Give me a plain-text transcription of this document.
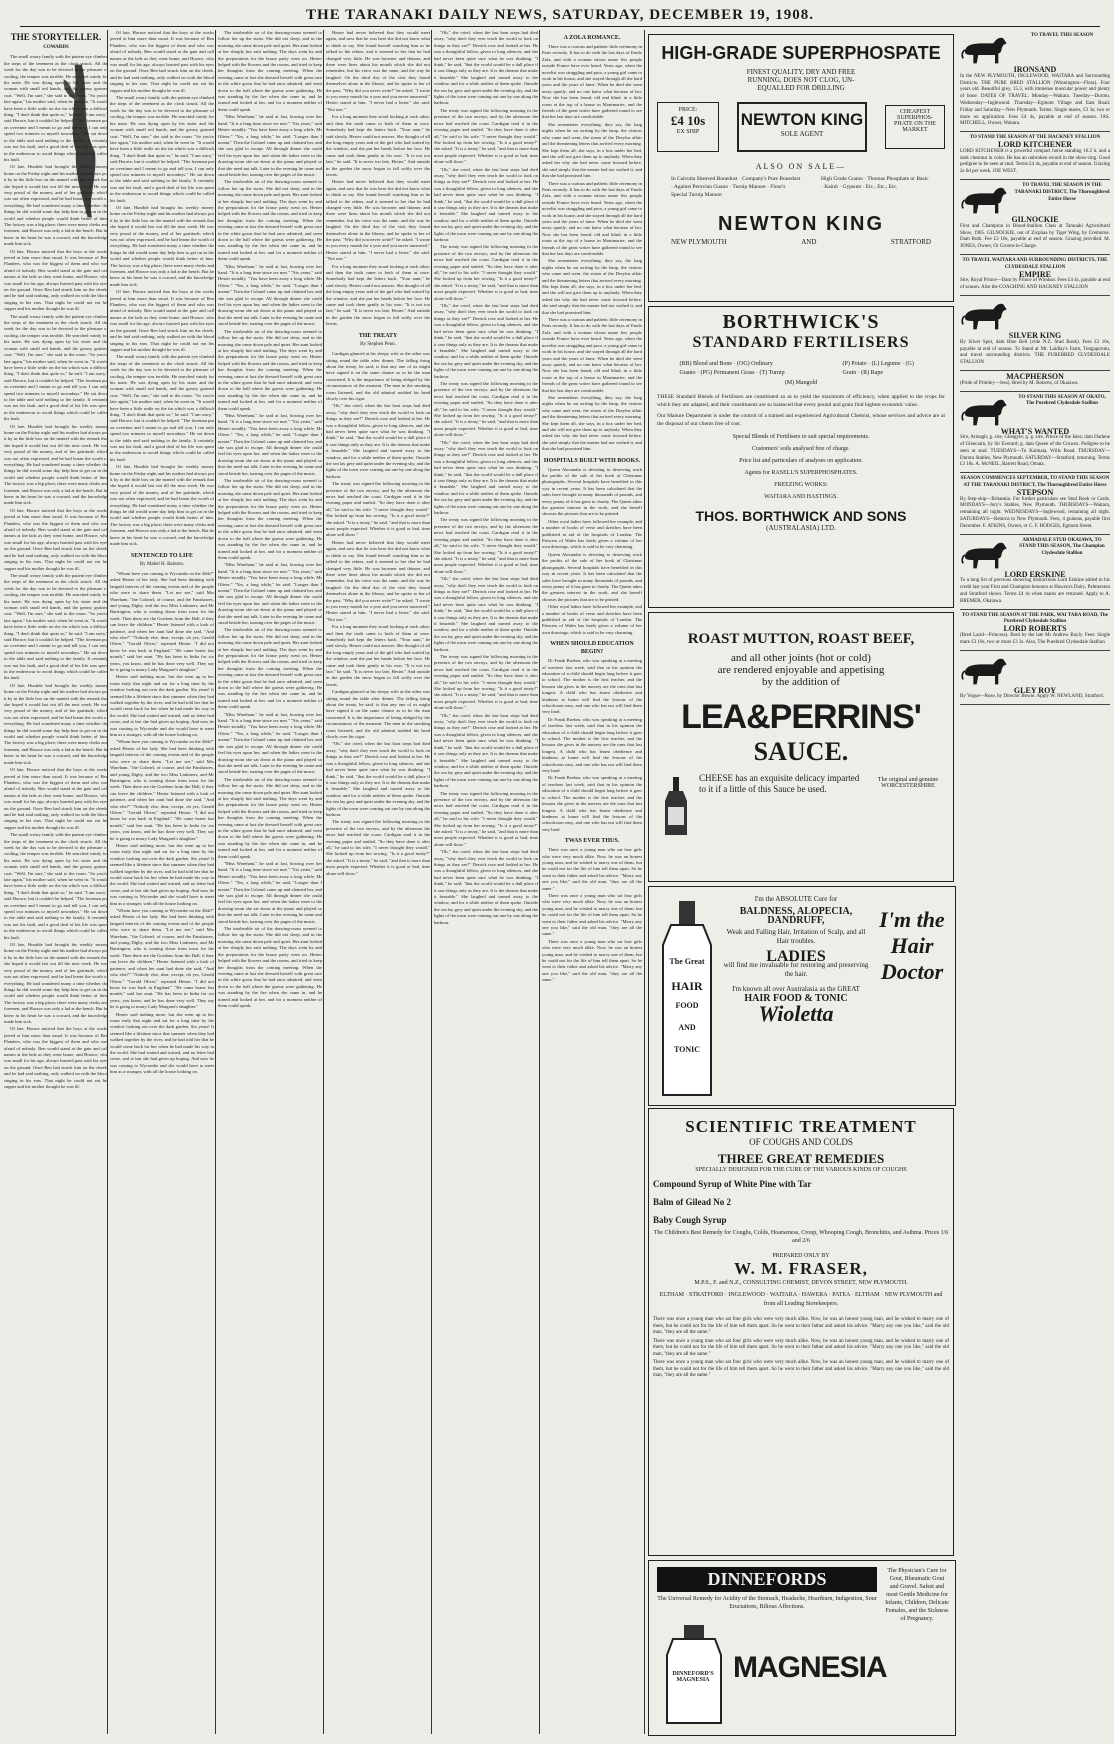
THE TARANAKI DAILY NEWS, SATURDAY, DECEMBER 19, 1908.
THE STORYTELLER.
COWARDS

The small weary family with the patient eye climbed the steps of the tenement as the clock struck. All the week for the day was to be devoted to the pleasure of cooling, the temper was terrible. He searched vainly for his mate. He was dying open by his sister and the woman with small red hands, and the greasy grained coat. "Well, I'm sure," she said to the room. "So you're late again," his mother said, when he went in. "It would have been a little settle on the tin which was a difficult thing. "I don't think that quite so," he said. "I am sorry," said Horace, but it couldn't be helped. "The foreman put on overtime and I meant to go and tell you, I can only spend two minutes to myself nowadays." He sat down to the table and said nothing to the family. It certainly was not his fault, and a good deal of his life was spent in the endeavour to avoid things which could be called his fault.

Of late, Hurable had brought his weekly money home on the Friday night and his mother had always put it by in the little box on the mantel with the remark that she hoped it would last out till the next week. He was very proud of the money, and of her gratitude, which was not often expressed, and he had learnt the worth of everything. He had wondered many a time whether the things he did would some day help him to get on in the world and whether people would think better of him. The factory was a big place; there were many clerks and foremen, and Horace was only a lad at the bench. But he knew in his heart he was a coward, and the knowledge made him sick.

Of late, Horace noticed that the boys at the works jeered at him more than usual. It was because of Ben Flanders, who was the biggest of them and who was afraid of nobody. Ben would stand at the gate and call names at the lads as they went home, and Horace, who was small for his age, always hurried past with his eyes on the ground. Once Ben had struck him on the cheek, and he had said nothing, only walked on with the blood singing in his ears. That night he could not eat his supper and his mother thought he was ill.

The small weary family with the patient eye climbed the steps of the tenement as the clock struck. All the week for the day was to be devoted to the pleasure of cooling, the temper was terrible. He searched vainly for his mate. He was dying open by his sister and the woman with small red hands, and the greasy grained coat. "Well, I'm sure," she said to the room. "So you're late again," his mother said, when he went in. "It would have been a little settle on the tin which was a difficult thing. "I don't think that quite so," he said. "I am sorry," said Horace, but it couldn't be helped. "The foreman put on overtime and I meant to go and tell you, I can only spend two minutes to myself nowadays." He sat down to the table and said nothing to the family. It certainly was not his fault, and a good deal of his life was spent in the endeavour to avoid things which could be called his fault.

Of late, Hurable had brought his weekly money home on the Friday night and his mother had always put it by in the little box on the mantel with the remark that she hoped it would last out till the next week. He was very proud of the money, and of her gratitude, which was not often expressed, and he had learnt the worth of everything. He had wondered many a time whether the things he did would some day help him to get on in the world and whether people would think better of him. The factory was a big place; there were many clerks and foremen, and Horace was only a lad at the bench. But he knew in his heart he was a coward, and the knowledge made him sick.

Of late, Horace noticed that the boys at the works jeered at him more than usual. It was because of Ben Flanders, who was the biggest of them and who was afraid of nobody. Ben would stand at the gate and call names at the lads as they went home, and Horace, who was small for his age, always hurried past with his eyes on the ground. Once Ben had struck him on the cheek, and he had said nothing, only walked on with the blood singing in his ears. That night he could not eat his supper and his mother thought he was ill.

The small weary family with the patient eye climbed the steps of the tenement as the clock struck. All the week for the day was to be devoted to the pleasure of cooling, the temper was terrible. He searched vainly for his mate. He was dying open by his sister and the woman with small red hands, and the greasy grained coat. "Well, I'm sure," she said to the room. "So you're late again," his mother said, when he went in. "It would have been a little settle on the tin which was a difficult thing. "I don't think that quite so," he said. "I am sorry," said Horace, but it couldn't be helped. "The foreman put on overtime and I meant to go and tell you, I can only spend two minutes to myself nowadays." He sat down to the table and said nothing to the family. It certainly was not his fault, and a good deal of his life was spent in the endeavour to avoid things which could be called his fault.

Of late, Hurable had brought his weekly money home on the Friday night and his mother had always put it by in the little box on the mantel with the remark that she hoped it would last out till the next week. He was very proud of the money, and of her gratitude, which was not often expressed, and he had learnt the worth of everything. He had wondered many a time whether the things he did would some day help him to get on in the world and whether people would think better of him. The factory was a big place; there were many clerks and foremen, and Horace was only a lad at the bench. But he knew in his heart he was a coward, and the knowledge made him sick.

Of late, Horace noticed that the boys at the works jeered at him more than usual. It was because of Ben Flanders, who was the biggest of them and who was afraid of nobody. Ben would stand at the gate and call names at the lads as they went home, and Horace, who was small for his age, always hurried past with his eyes on the ground. Once Ben had struck him on the cheek, and he had said nothing, only walked on with the blood singing in his ears. That night he could not eat his supper and his mother thought he was ill.

The small weary family with the patient eye climbed the steps of the tenement as the clock struck. All the week for the day was to be devoted to the pleasure of cooling, the temper was terrible. He searched vainly for his mate. He was dying open by his sister and the woman with small red hands, and the greasy grained coat. "Well, I'm sure," she said to the room. "So you're late again," his mother said, when he went in. "It would have been a little settle on the tin which was a difficult thing. "I don't think that quite so," he said. "I am sorry," said Horace, but it couldn't be helped. "The foreman put on overtime and I meant to go and tell you, I can only spend two minutes to myself nowadays." He sat down to the table and said nothing to the family. It certainly was not his fault, and a good deal of his life was spent in the endeavour to avoid things which could be called his fault.

Of late, Hurable had brought his weekly money home on the Friday night and his mother had always put it by in the little box on the mantel with the remark that she hoped it would last out till the next week. He was very proud of the money, and of her gratitude, which was not often expressed, and he had learnt the worth of everything. He had wondered many a time whether the things he did would some day help him to get on in the world and whether people would think better of him. The factory was a big place; there were many clerks and foremen, and Horace was only a lad at the bench. But he knew in his heart he was a coward, and the knowledge made him sick.

Of late, Horace noticed that the boys at the works jeered at him more than usual. It was because of Ben Flanders, who was the biggest of them and who was afraid of nobody. Ben would stand at the gate and call names at the lads as they went home, and Horace, who was small for his age, always hurried past with his eyes on the ground. Once Ben had struck him on the cheek, and he had said nothing, only walked on with the blood singing in his ears. That night he could not eat his supper and his mother thought he was ill.

Of late, Horace noticed that the boys at the works jeered at him more than usual. It was because of Ben Flanders, who was the biggest of them and who was afraid of nobody. Ben would stand at the gate and call names at the lads as they went home, and Horace, who was small for his age, always hurried past with his eyes on the ground. Once Ben had struck him on the cheek, and he had said nothing, only walked on with the blood singing in his ears. That night he could not eat his supper and his mother thought he was ill.

The small weary family with the patient eye climbed the steps of the tenement as the clock struck. All the week for the day was to be devoted to the pleasure of cooling, the temper was terrible. He searched vainly for his mate. He was dying open by his sister and the woman with small red hands, and the greasy grained coat. "Well, I'm sure," she said to the room. "So you're late again," his mother said, when he went in. "It would have been a little settle on the tin which was a difficult thing. "I don't think that quite so," he said. "I am sorry," said Horace, but it couldn't be helped. "The foreman put on overtime and I meant to go and tell you, I can only spend two minutes to myself nowadays." He sat down to the table and said nothing to the family. It certainly was not his fault, and a good deal of his life was spent in the endeavour to avoid things which could be called his fault.

Of late, Hurable had brought his weekly money home on the Friday night and his mother had always put it by in the little box on the mantel with the remark that she hoped it would last out till the next week. He was very proud of the money, and of her gratitude, which was not often expressed, and he had learnt the worth of everything. He had wondered many a time whether the things he did would some day help him to get on in the world and whether people would think better of him. The factory was a big place; there were many clerks and foremen, and Horace was only a lad at the bench. But he knew in his heart he was a coward, and the knowledge made him sick.

Of late, Horace noticed that the boys at the works jeered at him more than usual. It was because of Ben Flanders, who was the biggest of them and who was afraid of nobody. Ben would stand at the gate and call names at the lads as they went home, and Horace, who was small for his age, always hurried past with his eyes on the ground. Once Ben had struck him on the cheek, and he had said nothing, only walked on with the blood singing in his ears. That night he could not eat his supper and his mother thought he was ill.

The small weary family with the patient eye climbed the steps of the tenement as the clock struck. All the week for the day was to be devoted to the pleasure of cooling, the temper was terrible. He searched vainly for his mate. He was dying open by his sister and the woman with small red hands, and the greasy grained coat. "Well, I'm sure," she said to the room. "So you're late again," his mother said, when he went in. "It would have been a little settle on the tin which was a difficult thing. "I don't think that quite so," he said. "I am sorry," said Horace, but it couldn't be helped. "The foreman put on overtime and I meant to go and tell you, I can only spend two minutes to myself nowadays." He sat down to the table and said nothing to the family. It certainly was not his fault, and a good deal of his life was spent in the endeavour to avoid things which could be called his fault.

Of late, Hurable had brought his weekly money home on the Friday night and his mother had always put it by in the little box on the mantel with the remark that she hoped it would last out till the next week. He was very proud of the money, and of her gratitude, which was not often expressed, and he had learnt the worth of everything. He had wondered many a time whether the things he did would some day help him to get on in the world and whether people would think better of him. The factory was a big place; there were many clerks and foremen, and Horace was only a lad at the bench. But he knew in his heart he was a coward, and the knowledge made him sick.

SENTENCED TO LIFE
By Mabel H. Bainton.

"Whom have you coming to Wycombe on the 26th?" asked Hester of her lady. She had been thinking with languid interest of the coming events and of the people who were to share them. "Let me see," said Mrs Wareham, "the Colonel, of course, and the Fanshawes, and young Digby, and the two Miss Lattimers, and Mr Barrington, who is coming down from town for the week. Then there are the Gordons from the Hall, if they can leave the children." Hester listened with a look of patience, and when her aunt had done she said, "And who else?" "Nobody else, dear, except, oh yes, Gerald Oliver." "Gerald Oliver," repeated Hester. "I did not know he was back in England." "He came home last month," said her aunt. "He has been in India for six years, you know, and he has done very well. They say he is going to marry Lady Margaret's daughter."

Hester said nothing more, but she went up to her room early that night and sat for a long time by the window looking out over the dark garden. Six years! It seemed like a lifetime since that summer when they had walked together by the river, and he had told her that he would come back for her when he had made his way in the world. She had waited and waited, and no letter had come, and at last she had given up hoping. And now he was coming to Wycombe and she would have to meet him as a stranger, with all the house looking on.

"Whom have you coming to Wycombe on the 26th?" asked Hester of her lady. She had been thinking with languid interest of the coming events and of the people who were to share them. "Let me see," said Mrs Wareham, "the Colonel, of course, and the Fanshawes, and young Digby, and the two Miss Lattimers, and Mr Barrington, who is coming down from town for the week. Then there are the Gordons from the Hall, if they can leave the children." Hester listened with a look of patience, and when her aunt had done she said, "And who else?" "Nobody else, dear, except, oh yes, Gerald Oliver." "Gerald Oliver," repeated Hester. "I did not know he was back in England." "He came home last month," said her aunt. "He has been in India for six years, you know, and he has done very well. They say he is going to marry Lady Margaret's daughter."

Hester said nothing more, but she went up to her room early that night and sat for a long time by the window looking out over the dark garden. Six years! It seemed like a lifetime since that summer when they had walked together by the river, and he had told her that he would come back for her when he had made his way in the world. She had waited and waited, and no letter had come, and at last she had given up hoping. And now he was coming to Wycombe and she would have to meet him as a stranger, with all the house looking on.

"Whom have you coming to Wycombe on the 26th?" asked Hester of her lady. She had been thinking with languid interest of the coming events and of the people who were to share them. "Let me see," said Mrs Wareham, "the Colonel, of course, and the Fanshawes, and young Digby, and the two Miss Lattimers, and Mr Barrington, who is coming down from town for the week. Then there are the Gordons from the Hall, if they can leave the children." Hester listened with a look of patience, and when her aunt had done she said, "And who else?" "Nobody else, dear, except, oh yes, Gerald Oliver." "Gerald Oliver," repeated Hester. "I did not know he was back in England." "He came home last month," said her aunt. "He has been in India for six years, you know, and he has done very well. They say he is going to marry Lady Margaret's daughter."

Hester said nothing more, but she went up to her room early that night and sat for a long time by the window looking out over the dark garden. Six years! It seemed like a lifetime since that summer when they had walked together by the river, and he had told her that he would come back for her when he had made his way in the world. She had waited and waited, and no letter had come, and at last she had given up hoping. And now he was coming to Wycombe and she would have to meet him as a stranger, with all the house looking on.

The intolerable air of the drawing-room seemed to follow her up the stairs. She did not sleep, and in the morning she came down pale and quiet. Her aunt looked at her sharply but said nothing. The days went by and the preparations for the house party went on. Hester helped with the flowers and the rooms, and tried to keep her thoughts from the coming meeting. When the evening came at last she dressed herself with great care in the white gown that he had once admired, and went down to the hall where the guests were gathering. He was standing by the fire when she came in, and he turned and looked at her, and for a moment neither of them could speak.

"Miss Wareham," he said at last, bowing over her hand. "It is a long time since we met." "Six years," said Hester steadily. "You have been away a long while, Mr Oliver." "Yes, a long while," he said. "Longer than I meant." Then the Colonel came up and claimed her, and she was glad to escape. All through dinner she could feel his eyes upon her, and when the ladies went to the drawing-room she sat down at the piano and played so that she need not talk. Later in the evening he came and stood beside her, turning over the pages of the music.

The intolerable air of the drawing-room seemed to follow her up the stairs. She did not sleep, and in the morning she came down pale and quiet. Her aunt looked at her sharply but said nothing. The days went by and the preparations for the house party went on. Hester helped with the flowers and the rooms, and tried to keep her thoughts from the coming meeting. When the evening came at last she dressed herself with great care in the white gown that he had once admired, and went down to the hall where the guests were gathering. He was standing by the fire when she came in, and he turned and looked at her, and for a moment neither of them could speak.

"Miss Wareham," he said at last, bowing over her hand. "It is a long time since we met." "Six years," said Hester steadily. "You have been away a long while, Mr Oliver." "Yes, a long while," he said. "Longer than I meant." Then the Colonel came up and claimed her, and she was glad to escape. All through dinner she could feel his eyes upon her, and when the ladies went to the drawing-room she sat down at the piano and played so that she need not talk. Later in the evening he came and stood beside her, turning over the pages of the music.

The intolerable air of the drawing-room seemed to follow her up the stairs. She did not sleep, and in the morning she came down pale and quiet. Her aunt looked at her sharply but said nothing. The days went by and the preparations for the house party went on. Hester helped with the flowers and the rooms, and tried to keep her thoughts from the coming meeting. When the evening came at last she dressed herself with great care in the white gown that he had once admired, and went down to the hall where the guests were gathering. He was standing by the fire when she came in, and he turned and looked at her, and for a moment neither of them could speak.

"Miss Wareham," he said at last, bowing over her hand. "It is a long time since we met." "Six years," said Hester steadily. "You have been away a long while, Mr Oliver." "Yes, a long while," he said. "Longer than I meant." Then the Colonel came up and claimed her, and she was glad to escape. All through dinner she could feel his eyes upon her, and when the ladies went to the drawing-room she sat down at the piano and played so that she need not talk. Later in the evening he came and stood beside her, turning over the pages of the music.

The intolerable air of the drawing-room seemed to follow her up the stairs. She did not sleep, and in the morning she came down pale and quiet. Her aunt looked at her sharply but said nothing. The days went by and the preparations for the house party went on. Hester helped with the flowers and the rooms, and tried to keep her thoughts from the coming meeting. When the evening came at last she dressed herself with great care in the white gown that he had once admired, and went down to the hall where the guests were gathering. He was standing by the fire when she came in, and he turned and looked at her, and for a moment neither of them could speak.

"Miss Wareham," he said at last, bowing over her hand. "It is a long time since we met." "Six years," said Hester steadily. "You have been away a long while, Mr Oliver." "Yes, a long while," he said. "Longer than I meant." Then the Colonel came up and claimed her, and she was glad to escape. All through dinner she could feel his eyes upon her, and when the ladies went to the drawing-room she sat down at the piano and played so that she need not talk. Later in the evening he came and stood beside her, turning over the pages of the music.

The intolerable air of the drawing-room seemed to follow her up the stairs. She did not sleep, and in the morning she came down pale and quiet. Her aunt looked at her sharply but said nothing. The days went by and the preparations for the house party went on. Hester helped with the flowers and the rooms, and tried to keep her thoughts from the coming meeting. When the evening came at last she dressed herself with great care in the white gown that he had once admired, and went down to the hall where the guests were gathering. He was standing by the fire when she came in, and he turned and looked at her, and for a moment neither of them could speak.

"Miss Wareham," he said at last, bowing over her hand. "It is a long time since we met." "Six years," said Hester steadily. "You have been away a long while, Mr Oliver." "Yes, a long while," he said. "Longer than I meant." Then the Colonel came up and claimed her, and she was glad to escape. All through dinner she could feel his eyes upon her, and when the ladies went to the drawing-room she sat down at the piano and played so that she need not talk. Later in the evening he came and stood beside her, turning over the pages of the music.

The intolerable air of the drawing-room seemed to follow her up the stairs. She did not sleep, and in the morning she came down pale and quiet. Her aunt looked at her sharply but said nothing. The days went by and the preparations for the house party went on. Hester helped with the flowers and the rooms, and tried to keep her thoughts from the coming meeting. When the evening came at last she dressed herself with great care in the white gown that he had once admired, and went down to the hall where the guests were gathering. He was standing by the fire when she came in, and he turned and looked at her, and for a moment neither of them could speak.

"Miss Wareham," he said at last, bowing over her hand. "It is a long time since we met." "Six years," said Hester steadily. "You have been away a long while, Mr Oliver." "Yes, a long while," he said. "Longer than I meant." Then the Colonel came up and claimed her, and she was glad to escape. All through dinner she could feel his eyes upon her, and when the ladies went to the drawing-room she sat down at the piano and played so that she need not talk. Later in the evening he came and stood beside her, turning over the pages of the music.

The intolerable air of the drawing-room seemed to follow her up the stairs. She did not sleep, and in the morning she came down pale and quiet. Her aunt looked at her sharply but said nothing. The days went by and the preparations for the house party went on. Hester helped with the flowers and the rooms, and tried to keep her thoughts from the coming meeting. When the evening came at last she dressed herself with great care in the white gown that he had once admired, and went down to the hall where the guests were gathering. He was standing by the fire when she came in, and he turned and looked at her, and for a moment neither of them could speak.

Hester had never believed that they would meet again, and now that he was here she did not know what to think or say. She found herself watching him as he talked to the others, and it seemed to her that he had changed very little. He was browner and thinner, and there were lines about his mouth which she did not remember, but his voice was the same, and the way he laughed. On the third day of the visit they found themselves alone in the library, and he spoke to her of the past. "Why did you never write?" he asked. "I wrote to you every month for a year and you never answered." Hester stared at him. "I never had a letter," she said. "Not one."

For a long moment they stood looking at each other, and then the truth came to both of them at once. Somebody had kept the letters back. "Your aunt," he said slowly. Hester could not answer. She thought of all the long empty years and of the girl who had waited by the window, and she put her hands before her face. He came and took them gently in his own. "It is not too late," he said. "It is never too late, Hester." And outside in the garden the snow began to fall softly over the lawns.

Hester had never believed that they would meet again, and now that he was here she did not know what to think or say. She found herself watching him as he talked to the others, and it seemed to her that he had changed very little. He was browner and thinner, and there were lines about his mouth which she did not remember, but his voice was the same, and the way he laughed. On the third day of the visit they found themselves alone in the library, and he spoke to her of the past. "Why did you never write?" he asked. "I wrote to you every month for a year and you never answered." Hester stared at him. "I never had a letter," she said. "Not one."

For a long moment they stood looking at each other, and then the truth came to both of them at once. Somebody had kept the letters back. "Your aunt," he said slowly. Hester could not answer. She thought of all the long empty years and of the girl who had waited by the window, and she put her hands before her face. He came and took them gently in his own. "It is not too late," he said. "It is never too late, Hester." And outside in the garden the snow began to fall softly over the lawns.

THE TREATY
By Stephen Penn.

Cardigan glanced at his sleepy wife as the other was sitting round the table after dinner. The falling tiring about the treaty, he said, is that any one of us might have signed it on the same chance as to be the man concerned. It is the importance of being obliged by the circumstances of the moment. The men in the smoking room listened, and the old admiral nodded his head slowly over his cigar.

"Oh," she cried, when the last boat steps had died away, "why don't they ever teach the world to look on things as they are?" Derrick rose and looked at her. He was a thoughtful fellow, given to long silences, and she had never been quite sure what he was thinking. "I think," he said, "that the world would be a dull place if it saw things only as they are. It is the dreams that make it bearable." She laughed and turned away to the window, and for a while neither of them spoke. Outside the sea lay grey and quiet under the evening sky, and the lights of the town were coming out one by one along the harbour.

The treaty was signed the following morning in the presence of the two envoys, and by the afternoon the news had reached the coast. Cardigan read it in the evening paper and smiled. "So they have done it after all," he said to his wife. "I never thought they would." She looked up from her sewing. "Is it a good treaty?" she asked. "It is a treaty," he said, "and that is more than most people expected. Whether it is good or bad, time alone will show."

Hester had never believed that they would meet again, and now that he was here she did not know what to think or say. She found herself watching him as he talked to the others, and it seemed to her that he had changed very little. He was browner and thinner, and there were lines about his mouth which she did not remember, but his voice was the same, and the way he laughed. On the third day of the visit they found themselves alone in the library, and he spoke to her of the past. "Why did you never write?" he asked. "I wrote to you every month for a year and you never answered." Hester stared at him. "I never had a letter," she said. "Not one."

For a long moment they stood looking at each other, and then the truth came to both of them at once. Somebody had kept the letters back. "Your aunt," he said slowly. Hester could not answer. She thought of all the long empty years and of the girl who had waited by the window, and she put her hands before her face. He came and took them gently in his own. "It is not too late," he said. "It is never too late, Hester." And outside in the garden the snow began to fall softly over the lawns.

Cardigan glanced at his sleepy wife as the other was sitting round the table after dinner. The falling tiring about the treaty, he said, is that any one of us might have signed it on the same chance as to be the man concerned. It is the importance of being obliged by the circumstances of the moment. The men in the smoking room listened, and the old admiral nodded his head slowly over his cigar.

"Oh," she cried, when the last boat steps had died away, "why don't they ever teach the world to look on things as they are?" Derrick rose and looked at her. He was a thoughtful fellow, given to long silences, and she had never been quite sure what he was thinking. "I think," he said, "that the world would be a dull place if it saw things only as they are. It is the dreams that make it bearable." She laughed and turned away to the window, and for a while neither of them spoke. Outside the sea lay grey and quiet under the evening sky, and the lights of the town were coming out one by one along the harbour.

The treaty was signed the following morning in the presence of the two envoys, and by the afternoon the news had reached the coast. Cardigan read it in the evening paper and smiled. "So they have done it after all," he said to his wife. "I never thought they would." She looked up from her sewing. "Is it a good treaty?" she asked. "It is a treaty," he said, "and that is more than most people expected. Whether it is good or bad, time alone will show."

"Oh," she cried, when the last boat steps had died away, "why don't they ever teach the world to look on things as they are?" Derrick rose and looked at her. He was a thoughtful fellow, given to long silences, and she had never been quite sure what he was thinking. "I think," he said, "that the world would be a dull place if it saw things only as they are. It is the dreams that make it bearable." She laughed and turned away to the window, and for a while neither of them spoke. Outside the sea lay grey and quiet under the evening sky, and the lights of the town were coming out one by one along the harbour.

The treaty was signed the following morning in the presence of the two envoys, and by the afternoon the news had reached the coast. Cardigan read it in the evening paper and smiled. "So they have done it after all," he said to his wife. "I never thought they would." She looked up from her sewing. "Is it a good treaty?" she asked. "It is a treaty," he said, "and that is more than most people expected. Whether it is good or bad, time alone will show."

"Oh," she cried, when the last boat steps had died away, "why don't they ever teach the world to look on things as they are?" Derrick rose and looked at her. He was a thoughtful fellow, given to long silences, and she had never been quite sure what he was thinking. "I think," he said, "that the world would be a dull place if it saw things only as they are. It is the dreams that make it bearable." She laughed and turned away to the window, and for a while neither of them spoke. Outside the sea lay grey and quiet under the evening sky, and the lights of the town were coming out one by one along the harbour.

The treaty was signed the following morning in the presence of the two envoys, and by the afternoon the news had reached the coast. Cardigan read it in the evening paper and smiled. "So they have done it after all," he said to his wife. "I never thought they would." She looked up from her sewing. "Is it a good treaty?" she asked. "It is a treaty," he said, "and that is more than most people expected. Whether it is good or bad, time alone will show."

"Oh," she cried, when the last boat steps had died away, "why don't they ever teach the world to look on things as they are?" Derrick rose and looked at her. He was a thoughtful fellow, given to long silences, and she had never been quite sure what he was thinking. "I think," he said, "that the world would be a dull place if it saw things only as they are. It is the dreams that make it bearable." She laughed and turned away to the window, and for a while neither of them spoke. Outside the sea lay grey and quiet under the evening sky, and the lights of the town were coming out one by one along the harbour.

The treaty was signed the following morning in the presence of the two envoys, and by the afternoon the news had reached the coast. Cardigan read it in the evening paper and smiled. "So they have done it after all," he said to his wife. "I never thought they would." She looked up from her sewing. "Is it a good treaty?" she asked. "It is a treaty," he said, "and that is more than most people expected. Whether it is good or bad, time alone will show."

"Oh," she cried, when the last boat steps had died away, "why don't they ever teach the world to look on things as they are?" Derrick rose and looked at her. He was a thoughtful fellow, given to long silences, and she had never been quite sure what he was thinking. "I think," he said, "that the world would be a dull place if it saw things only as they are. It is the dreams that make it bearable." She laughed and turned away to the window, and for a while neither of them spoke. Outside the sea lay grey and quiet under the evening sky, and the lights of the town were coming out one by one along the harbour.

The treaty was signed the following morning in the presence of the two envoys, and by the afternoon the news had reached the coast. Cardigan read it in the evening paper and smiled. "So they have done it after all," he said to his wife. "I never thought they would." She looked up from her sewing. "Is it a good treaty?" she asked. "It is a treaty," he said, "and that is more than most people expected. Whether it is good or bad, time alone will show."

"Oh," she cried, when the last boat steps had died away, "why don't they ever teach the world to look on things as they are?" Derrick rose and looked at her. He was a thoughtful fellow, given to long silences, and she had never been quite sure what he was thinking. "I think," he said, "that the world would be a dull place if it saw things only as they are. It is the dreams that make it bearable." She laughed and turned away to the window, and for a while neither of them spoke. Outside the sea lay grey and quiet under the evening sky, and the lights of the town were coming out one by one along the harbour.

The treaty was signed the following morning in the presence of the two envoys, and by the afternoon the news had reached the coast. Cardigan read it in the evening paper and smiled. "So they have done it after all," he said to his wife. "I never thought they would." She looked up from her sewing. "Is it a good treaty?" she asked. "It is a treaty," he said, "and that is more than most people expected. Whether it is good or bad, time alone will show."

"Oh," she cried, when the last boat steps had died away, "why don't they ever teach the world to look on things as they are?" Derrick rose and looked at her. He was a thoughtful fellow, given to long silences, and she had never been quite sure what he was thinking. "I think," he said, "that the world would be a dull place if it saw things only as they are. It is the dreams that make it bearable." She laughed and turned away to the window, and for a while neither of them spoke. Outside the sea lay grey and quiet under the evening sky, and the lights of the town were coming out one by one along the harbour.

The treaty was signed the following morning in the presence of the two envoys, and by the afternoon the news had reached the coast. Cardigan read it in the evening paper and smiled. "So they have done it after all," he said to his wife. "I never thought they would." She looked up from her sewing. "Is it a good treaty?" she asked. "It is a treaty," he said, "and that is more than most people expected. Whether it is good or bad, time alone will show."

"Oh," she cried, when the last boat steps had died away, "why don't they ever teach the world to look on things as they are?" Derrick rose and looked at her. He was a thoughtful fellow, given to long silences, and she had never been quite sure what he was thinking. "I think," he said, "that the world would be a dull place if it saw things only as they are. It is the dreams that make it bearable." She laughed and turned away to the window, and for a while neither of them spoke. Outside the sea lay grey and quiet under the evening sky, and the lights of the town were coming out one by one along the harbour.

A ZOLA ROMANCE.

There was a curious and pathetic little ceremony in Paris recently. It has to do with the last days of Emile Zola, and with a woman whose name few people outside France have ever heard. Years ago, when the novelist was struggling and poor, a young girl came to work in his house, and she stayed through all the hard years and the years of fame. When he died she went away quietly, and no one knew what became of her. Now she has been found, old and blind, in a little room at the top of a house in Montmartre, and the friends of the great writer have gathered round to see that her last days are comfortable.

She remembers everything, they say, the long nights when he sat writing by the lamp, the visitors who came and went, the storm of the Dreyfus affair and the threatening letters that arrived every morning. She kept them all, she says, in a box under her bed, and she will not give them up to anybody. When they asked her why she had never come forward before, she said simply that the master had not wished it, and that she had promised him.

There was a curious and pathetic little ceremony in Paris recently. It has to do with the last days of Emile Zola, and with a woman whose name few people outside France have ever heard. Years ago, when the novelist was struggling and poor, a young girl came to work in his house, and she stayed through all the hard years and the years of fame. When he died she went away quietly, and no one knew what became of her. Now she has been found, old and blind, in a little room at the top of a house in Montmartre, and the friends of the great writer have gathered round to see that her last days are comfortable.

She remembers everything, they say, the long nights when he sat writing by the lamp, the visitors who came and went, the storm of the Dreyfus affair and the threatening letters that arrived every morning. She kept them all, she says, in a box under her bed, and she will not give them up to anybody. When they asked her why she had never come forward before, she said simply that the master had not wished it, and that she had promised him.

There was a curious and pathetic little ceremony in Paris recently. It has to do with the last days of Emile Zola, and with a woman whose name few people outside France have ever heard. Years ago, when the novelist was struggling and poor, a young girl came to work in his house, and she stayed through all the hard years and the years of fame. When he died she went away quietly, and no one knew what became of her. Now she has been found, old and blind, in a little room at the top of a house in Montmartre, and the friends of the great writer have gathered round to see that her last days are comfortable.

She remembers everything, they say, the long nights when he sat writing by the lamp, the visitors who came and went, the storm of the Dreyfus affair and the threatening letters that arrived every morning. She kept them all, she says, in a box under her bed, and she will not give them up to anybody. When they asked her why she had never come forward before, she said simply that the master had not wished it, and that she had promised him.

HOSPITALS BUILT WITH BOOKS.

Queen Alexandra is devoting to deserving work the profits of the sale of her book of Christmas photographs. Several hospitals have benefited in this way in recent years. It has been calculated that the sales have brought in many thousands of pounds, and every penny of it has gone to charity. The Queen takes the greatest interest in the work, and she herself chooses the pictures that are to be printed.

Other royal ladies have followed her example, and a number of books of verse and sketches have been published in aid of the hospitals of London. The Princess of Wales has lately given a volume of her own drawings, which is said to be very charming.

Queen Alexandra is devoting to deserving work the profits of the sale of her book of Christmas photographs. Several hospitals have benefited in this way in recent years. It has been calculated that the sales have brought in many thousands of pounds, and every penny of it has gone to charity. The Queen takes the greatest interest in the work, and she herself chooses the pictures that are to be printed.

Other royal ladies have followed her example, and a number of books of verse and sketches have been published in aid of the hospitals of London. The Princess of Wales has lately given a volume of her own drawings, which is said to be very charming.

WHEN SHOULD EDUCATION BEGIN?

Dr Frank Boehm, who was speaking at a meeting of teachers last week, said that in his opinion the education of a child should begin long before it goes to school. The mother is the first teacher, and the lessons she gives in the nursery are the ones that last longest. A child who has learnt obedience and kindness at home will find the lessons of the schoolroom easy, and one who has not will find them very hard.

Dr Frank Boehm, who was speaking at a meeting of teachers last week, said that in his opinion the education of a child should begin long before it goes to school. The mother is the first teacher, and the lessons she gives in the nursery are the ones that last longest. A child who has learnt obedience and kindness at home will find the lessons of the schoolroom easy, and one who has not will find them very hard.

Dr Frank Boehm, who was speaking at a meeting of teachers last week, said that in his opinion the education of a child should begin long before it goes to school. The mother is the first teacher, and the lessons she gives in the nursery are the ones that last longest. A child who has learnt obedience and kindness at home will find the lessons of the schoolroom easy, and one who has not will find them very hard.

TWAS EVER THUS.

There was once a young man who sat four girls who were very much alike. Now, he was an honest young man, and he wished to marry one of them, but he could not for the life of him tell them apart. So he went to their father and asked his advice. "Marry any one you like," said the old man, "they are all the same."

There was once a young man who sat four girls who were very much alike. Now, he was an honest young man, and he wished to marry one of them, but he could not for the life of him tell them apart. So he went to their father and asked his advice. "Marry any one you like," said the old man, "they are all the same."

There was once a young man who sat four girls who were very much alike. Now, he was an honest young man, and he wished to marry one of them, but he could not for the life of him tell them apart. So he went to their father and asked his advice. "Marry any one you like," said the old man, "they are all the same."

TO TRAVEL THIS SEASON
IRONSAND
In the NEW PLYMOUTH, INGLEWOOD, WAITARA and Surrounding Districts. THE PURE BRED STALLION (Winnington—Flora). Four years old. Beautiful grey, 15.3, with immense muscular power and plenty of bone. DATES OF TRAVEL: Monday—Waitara. Tuesday—Durotu. Wednesday—Inglewood. Thursday—Egmont Village and East Road. Friday and Saturday—New Plymouth. Terms: Single mares, £3 3s; two or more on application. Fees £4 4s, payable at end of season. JAS. MITCHELL, Owner, Waitara.
TO STAND THE SEASON AT THE HACKNEY STALLION
LORD KITCHENER
LORD KITCHENER is a powerful compact horse standing 16.2 h. and a dark chestnut in color. He has an unbroken record in the show-ring. Good pedigree to be seen at stud. Terms £4 4s, payable at end of season. Grazing 2s 6d per week. JOE WEST.
TO TRAVEL THE SEASON IN THE TARANAKI DISTRICT, The Thoroughbred Entire Horse
GILNOCKIE
First and Champion in Blood-Stallion Class at Taranaki Agricultural Show, 1905. GILNOCKIE, out of Zicphaa by Tiger Wing, by Cremorne. Dam Ruth. Fee £3 10s, payable at end of season. Grazing provided. M. JONES, Owner, Or Groom-in-Charge.
TO TRAVEL WAITARA AND SURROUNDING DISTRICTS, THE CLYDESDALE STALLION
EMPIRE
Sire, Royal Prince—Dam by Prince of Windsor. Fees £4 4s, payable at end of season. Also the COACHING AND HACKNEY STALLION
SILVER KING
By Silver Spot, dam Blue Bell (vide N.Z. Stud Book). Fees £3 10s, payable at end of season. To Stand at Mr. Laidlay's Farm, Tongaporutu, and travel surrounding districts. THE PUREBRED CLYDESDALE STALLION
MACPHERSON
(Pride of Primley—Jess). Bred by M. Roberts, of Okaiawa.
TO STAND THIS SEASON AT OKATO, The Purebred Clydesdale Stallion
WHAT'S WANTED
Sire, Armagh; g. sire, Glengyle; g. g. sire, Prince of the Isles; dam Darlene of Glencairn, by Sir Everard; g. dam Queen of the Crowns. Pedigree to be seen at stud. TUESDAYS—To Kaimata, Wills Road. THURSDAY—Durotu Stables, New Plymouth. SATURDAY—Stratford, returning. Terms £3 10s. A. McNEIL, Barrett Road, Omata.
SEASON COMMENCES SEPTEMBER, TO STAND THIS SEASON AT THE TARANAKI DISTRICT, The Thoroughbred Entire Horse
STEPSON
By Step-ship—Britannia. For further particulars see Stud Book or Cards. MONDAYS—Jury's Stables, New Plymouth. THURSDAYS—Waitara, remaining all night. WEDNESDAYS—Inglewood, remaining all night. SATURDAYS—Returns to New Plymouth. Fees, 4 guineas, payable first December. F. ATKINS, Owner, or C. F. HODGES, Egmont Street.
ARMADALE STUD OKAIAWA, TO STAND THIS SEASON, The Champion Clydesdale Stallion
LORD ERSKINE
To a long list of previous showring distinctions Lord Erskine added to his credit last year First and Champion honours at Hawera's Dairy, Palmerston and Stratford shows. Terms £4 4s when mares are returned. Apply to A. BREMER, Okaiawa.
TO STAND THE SEASON AT THE PARK, WAI TARA ROAD, The Purebred Clydesdale Stallion
LORD ROBERTS
(Bred Laird—Princess). Bred by the late Mr Andrew Bayly. Fees: Single mare £3 10s, two or more £3 3s. Also, The Purebred Clydesdale Stallion
GLEY ROY
By Vogue—Rose, by Director Bowie. Apply W. NEWLAND, Stratford.
HIGH-GRADE SUPERPHOSPATE
FINEST QUALITY, DRY AND FREE
RUNNING, DOES NOT CLOG, UN-
EQUALLED FOR DRILLING
PRICE:
£4 10s
EX SHIP
NEWTON KING
SOLE AGENT
CHEAPEST SUPERPHOS- PHATE ON THE MARKET
ALSO ON SALE—
In Calcutta Sheaved Bonedust · Company's Pure Bonedust · Against Peruvian Guano · Turnip Manure · Flour's Special Turnip Manure
High Grade Guano · Thomas Phosphate or Basic · Kainit · Gypsum · Etc., Etc., Etc.
NEWTON KING
NEW PLYMOUTH	AND	STRATFORD
BORTHWICK'S
STANDARD FERTILISERS
(BB) Blood and Bone · (OG) Ordinary Guano · (PG) Permanent Grass · (T) Turnip
(P) Potato · (L) Legume · (G) Grain · (R) Rape
(M) Mangold
THESE Standard Blends of Fertilisers are constituted so as to yield the maximum of efficiency, when applied to the crops for which they are adapted, and their constituents are so balanced that every pound and grain find highest economic value.
Our Manure Department is under the control of a trained and experienced Agricultural Chemist, whose services and advice are at the disposal of our clients free of cost.
Special Blends of Fertilisers to suit special requirements.
Customers' soils analysed free of charge.
Price list and particulars of analyses on application.
Agents for RASELL'S SUPERPHOSPHATES.
FREEZING WORKS:
WAITARA AND HASTINGS.
THOS. BORTHWICK AND SONS
(AUSTRALASIA) LTD.
ROAST MUTTON, ROAST BEEF,
and all other joints (hot or cold)
are rendered enjoyable and appetising
by the addition of
LEA&PERRINS'
SAUCE.
CHEESE has an exquisite delicacy imparted to it if a little of this Sauce be used.
The original and genuine WORCESTERSHIRE
The Great
HAIR
FOOD
AND
TONIC
I'm the ABSOLUTE Cure for
BALDNESS, ALOPECIA, DANDRUFF,
Weak and Falling Hair, Irritation of Scalp, and all Hair troubles.
LADIES
will find me invaluable for restoring and preserving the hair.
I'm known all over Australasia as the GREAT
HAIR FOOD & TONIC
Wioletta
I'm the Hair Doctor
SCIENTIFIC TREATMENT
OF COUGHS AND COLDS
THREE GREAT REMEDIES
SPECIALLY DESIGNED FOR THE CURE OF THE VARIOUS KINDS OF COUGHS
Compound Syrup of White Pine with Tar
Balm of Gilead No 2
Baby Cough Syrup
The Children's Best Remedy for Coughs, Colds, Hoarseness, Croup, Whooping Cough, Bronchitis, and Asthma. Prices 1/6 and 2/6
PREPARED ONLY BY
W. M. FRASER,
M.P.S., F. and N.Z., CONSULTING CHEMIST, DEVON STREET, NEW PLYMOUTH.
ELTHAM · STRATFORD · INGLEWOOD · WAITARA · HAWERA · PATEA · ELTHAM · NEW PLYMOUTH and from all Leading Storekeepers.

There was once a young man who sat four girls who were very much alike. Now, he was an honest young man, and he wished to marry one of them, but he could not for the life of him tell them apart. So he went to their father and asked his advice. "Marry any one you like," said the old man, "they are all the same."

There was once a young man who sat four girls who were very much alike. Now, he was an honest young man, and he wished to marry one of them, but he could not for the life of him tell them apart. So he went to their father and asked his advice. "Marry any one you like," said the old man, "they are all the same."

There was once a young man who sat four girls who were very much alike. Now, he was an honest young man, and he wished to marry one of them, but he could not for the life of him tell them apart. So he went to their father and asked his advice. "Marry any one you like," said the old man, "they are all the same."

DINNEFORDS
The Universal Remedy for Acidity of the Stomach, Headache, Heartburn, Indigestion, Sour Eructations, Bilious Affections.
DINNEFORD'S MAGNESIA MAGNESIA
The Physician's Cure for Gout, Rheumatic Gout and Gravel. Safest and most Gentle Medicine for Infants, Children, Delicate Females, and the Sickness of Pregnancy.
